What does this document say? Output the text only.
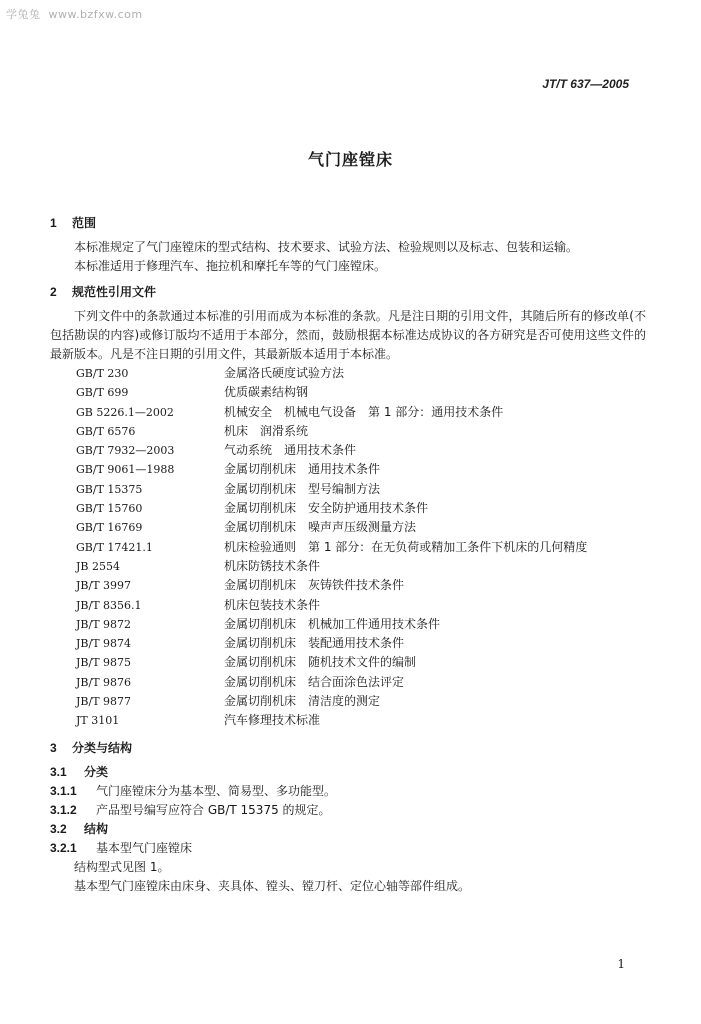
学兔兔 www.bzfxw.com
JT/T 637—2005
气门座镗床
1 范围

本标准规定了气门座镗床的型式结构、技术要求、试验方法、检验规则以及标志、包装和运输。

本标准适用于修理汽车、拖拉机和摩托车等的气门座镗床。

2 规范性引用文件

下列文件中的条款通过本标准的引用而成为本标准的条款。凡是注日期的引用文件，其随后所有的修改单(不包括勘误的内容)或修订版均不适用于本部分，然而，鼓励根据本标准达成协议的各方研究是否可使用这些文件的最新版本。凡是不注日期的引用文件，其最新版本适用于本标准。

GB/T 230	金属洛氏硬度试验方法
GB/T 699	优质碳素结构钢
GB 5226.1—2002	机械安全　机械电气设备　第 1 部分：通用技术条件
GB/T 6576	机床　润滑系统
GB/T 7932—2003	气动系统　通用技术条件
GB/T 9061—1988	金属切削机床　通用技术条件
GB/T 15375	金属切削机床　型号编制方法
GB/T 15760	金属切削机床　安全防护通用技术条件
GB/T 16769	金属切削机床　噪声声压级测量方法
GB/T 17421.1	机床检验通则　第 1 部分：在无负荷或精加工条件下机床的几何精度
JB 2554	机床防锈技术条件
JB/T 3997	金属切削机床　灰铸铁件技术条件
JB/T 8356.1	机床包装技术条件
JB/T 9872	金属切削机床　机械加工件通用技术条件
JB/T 9874	金属切削机床　装配通用技术条件
JB/T 9875	金属切削机床　随机技术文件的编制
JB/T 9876	金属切削机床　结合面涂色法评定
JB/T 9877	金属切削机床　清洁度的测定
JT 3101	汽车修理技术标准
3 分类与结构
3.1 分类
3.1.1 气门座镗床分为基本型、简易型、多功能型。
3.1.2 产品型号编写应符合 GB/T 15375 的规定。
3.2 结构
3.2.1 基本型气门座镗床

结构型式见图 1。

基本型气门座镗床由床身、夹具体、镗头、镗刀杆、定位心轴等部件组成。

1
